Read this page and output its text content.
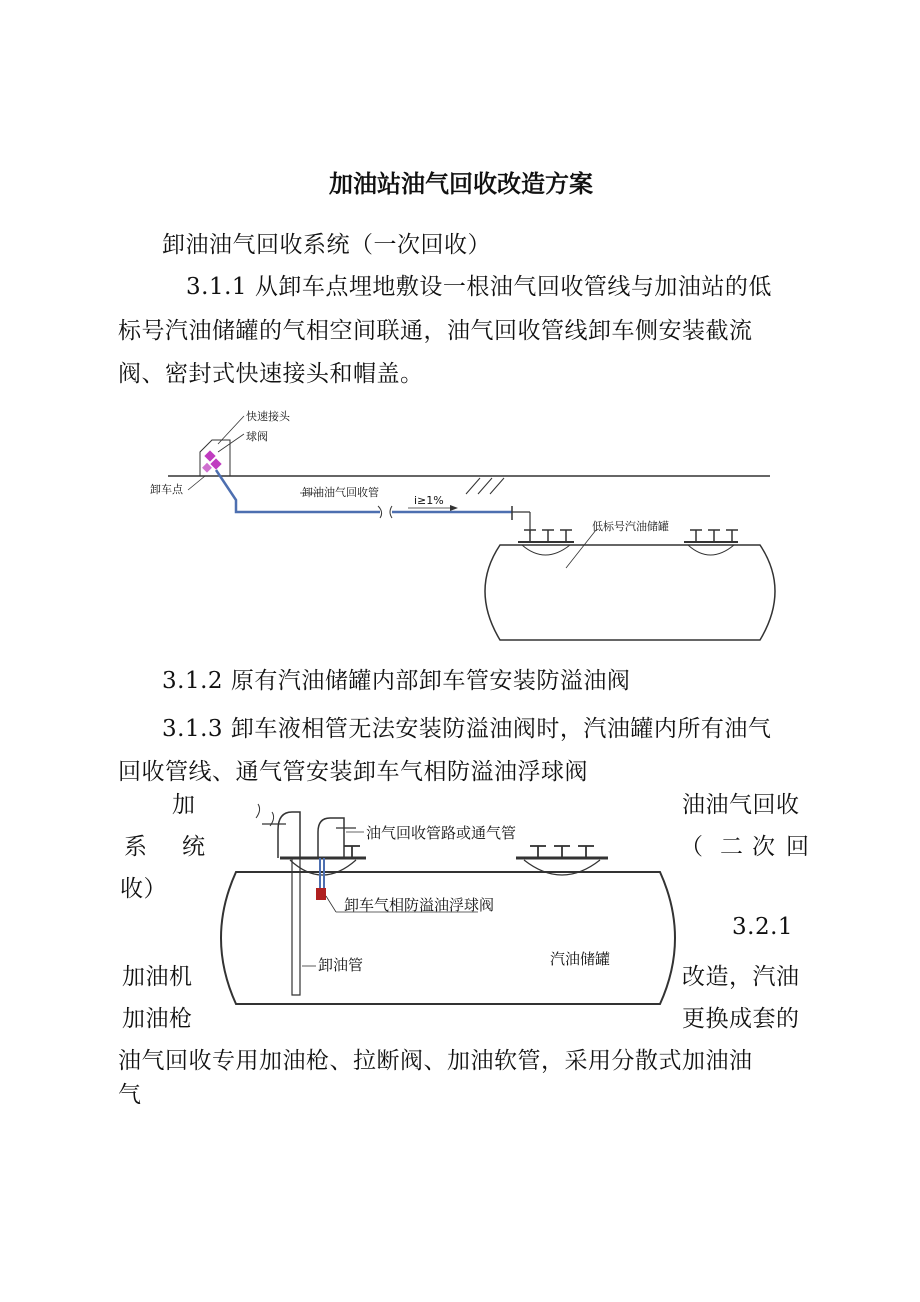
加油站油气回收改造方案
卸油油气回收系统（一次回收）
3.1.1 从卸车点埋地敷设一根油气回收管线与加油站的低
标号汽油储罐的气相空间联通，油气回收管线卸车侧安装截流
阀、密封式快速接头和帽盖。
快速接头
球阀
卸车点	卸油油气回收管
i≥1%
低标号汽油储罐
3.1.2 原有汽油储罐内部卸车管安装防溢油阀
3.1.3 卸车液相管无法安装防溢油阀时，汽油罐内所有油气
回收管线、通气管安装卸车气相防溢油浮球阀
油气回收管路或通气管
卸车气相防溢油浮球阀
卸油管	汽油储罐
加	油油气回收
系 统	（ 二 次 回
收）
3.2.1
加油机	改造，汽油
加油枪	更换成套的
油气回收专用加油枪、拉断阀、加油软管，采用分散式加油油
气
